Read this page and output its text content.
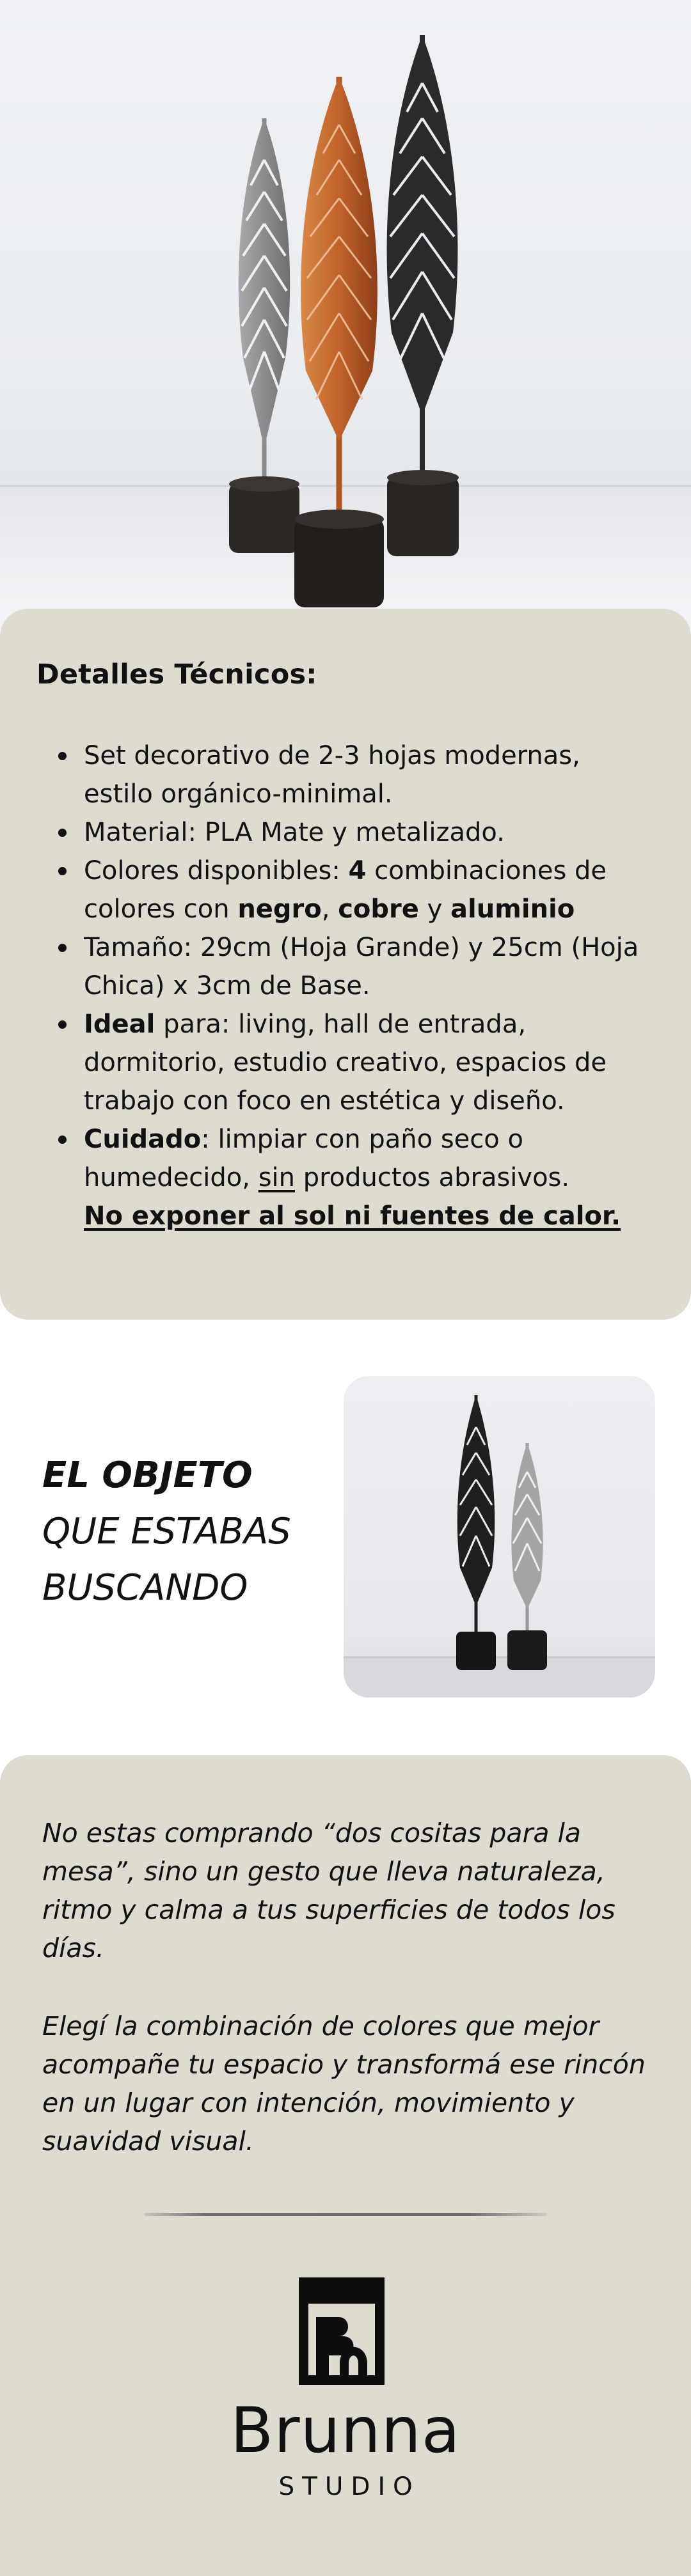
Detalles Técnicos:
Set decorativo de 2-3 hojas modernas, estilo orgánico-minimal.
Material: PLA Mate y metalizado.
Colores disponibles: 4 combinaciones de colores con negro, cobre y aluminio
Tamaño: 29cm (Hoja Grande) y 25cm (Hoja Chica) x 3cm de Base.
Ideal para: living, hall de entrada, dormitorio, estudio creativo, espacios de trabajo con foco en estética y diseño.
Cuidado: limpiar con paño seco o humedecido, sin productos abrasivos.
No exponer al sol ni fuentes de calor.
EL OBJETO
QUE ESTABAS
BUSCANDO

No estas comprando “dos cositas para la mesa”, sino un gesto que lleva naturaleza, ritmo y calma a tus superficies de todos los días.

Elegí la combinación de colores que mejor acompañe tu espacio y transformá ese rincón en un lugar con intención, movimiento y suavidad visual.

Brunna
STUDIO
